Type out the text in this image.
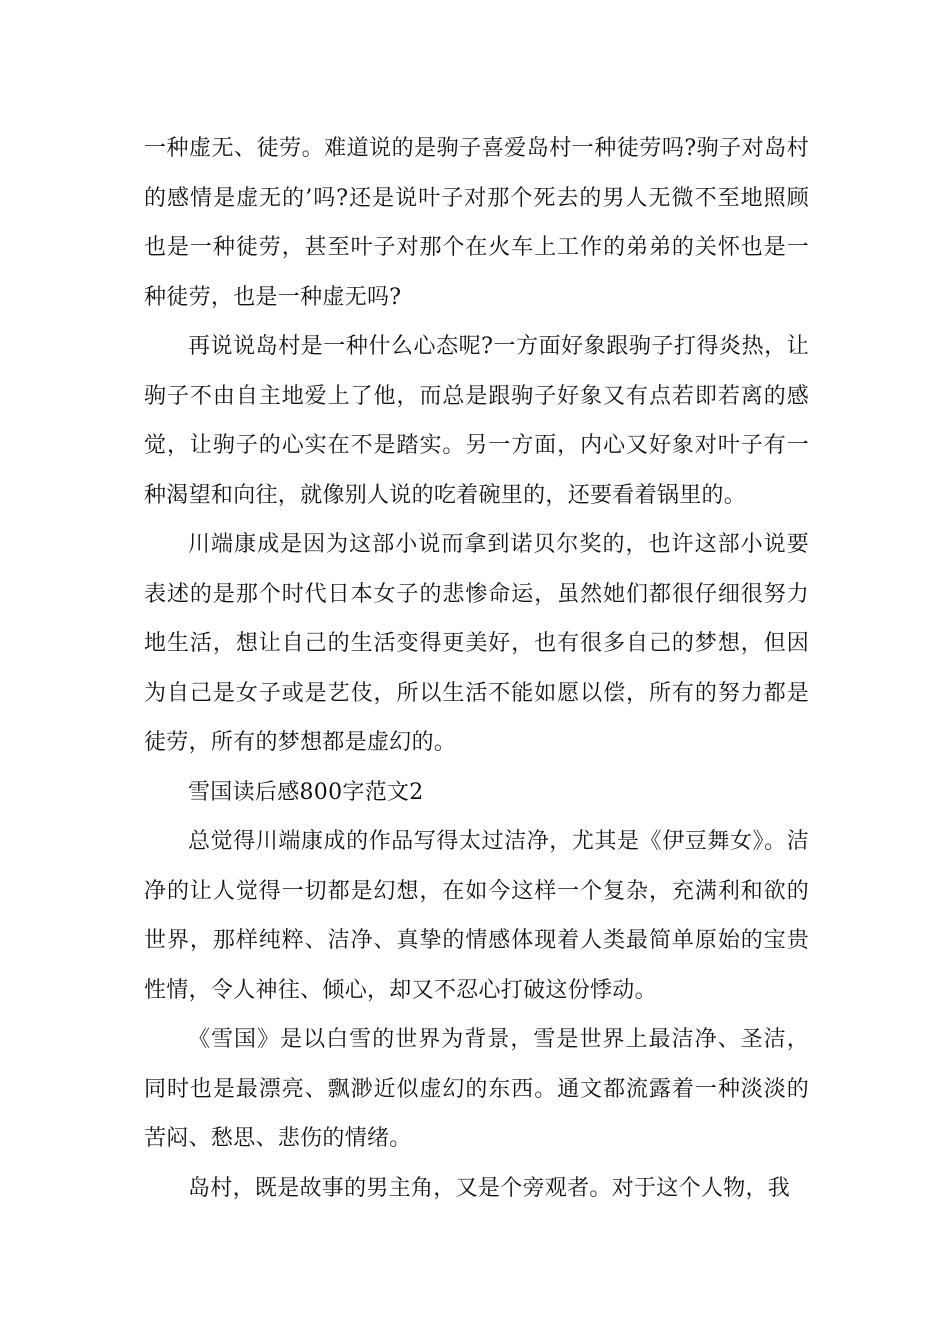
一种虚无、徒劳。难道说的是驹子喜爱岛村一种徒劳吗?驹子对岛村的感情是虚无的’吗?还是说叶子对那个死去的男人无微不至地照顾也是一种徒劳，甚至叶子对那个在火车上工作的弟弟的关怀也是一种徒劳，也是一种虚无吗?

再说说岛村是一种什么心态呢?一方面好象跟驹子打得炎热，让驹子不由自主地爱上了他，而总是跟驹子好象又有点若即若离的感觉，让驹子的心实在不是踏实。另一方面，内心又好象对叶子有一种渴望和向往，就像别人说的吃着碗里的，还要看着锅里的。

川端康成是因为这部小说而拿到诺贝尔奖的，也许这部小说要表述的是那个时代日本女子的悲惨命运，虽然她们都很仔细很努力地生活，想让自己的生活变得更美好，也有很多自己的梦想，但因为自己是女子或是艺伎，所以生活不能如愿以偿，所有的努力都是徒劳，所有的梦想都是虚幻的。

雪国读后感800字范文2

总觉得川端康成的作品写得太过洁净，尤其是《伊豆舞女》。洁净的让人觉得一切都是幻想，在如今这样一个复杂，充满利和欲的世界，那样纯粹、洁净、真挚的情感体现着人类最简单原始的宝贵性情，令人神往、倾心，却又不忍心打破这份悸动。

《雪国》是以白雪的世界为背景，雪是世界上最洁净、圣洁，同时也是最漂亮、飘渺近似虚幻的东西。通文都流露着一种淡淡的苦闷、愁思、悲伤的情绪。

岛村，既是故事的男主角，又是个旁观者。对于这个人物，我
